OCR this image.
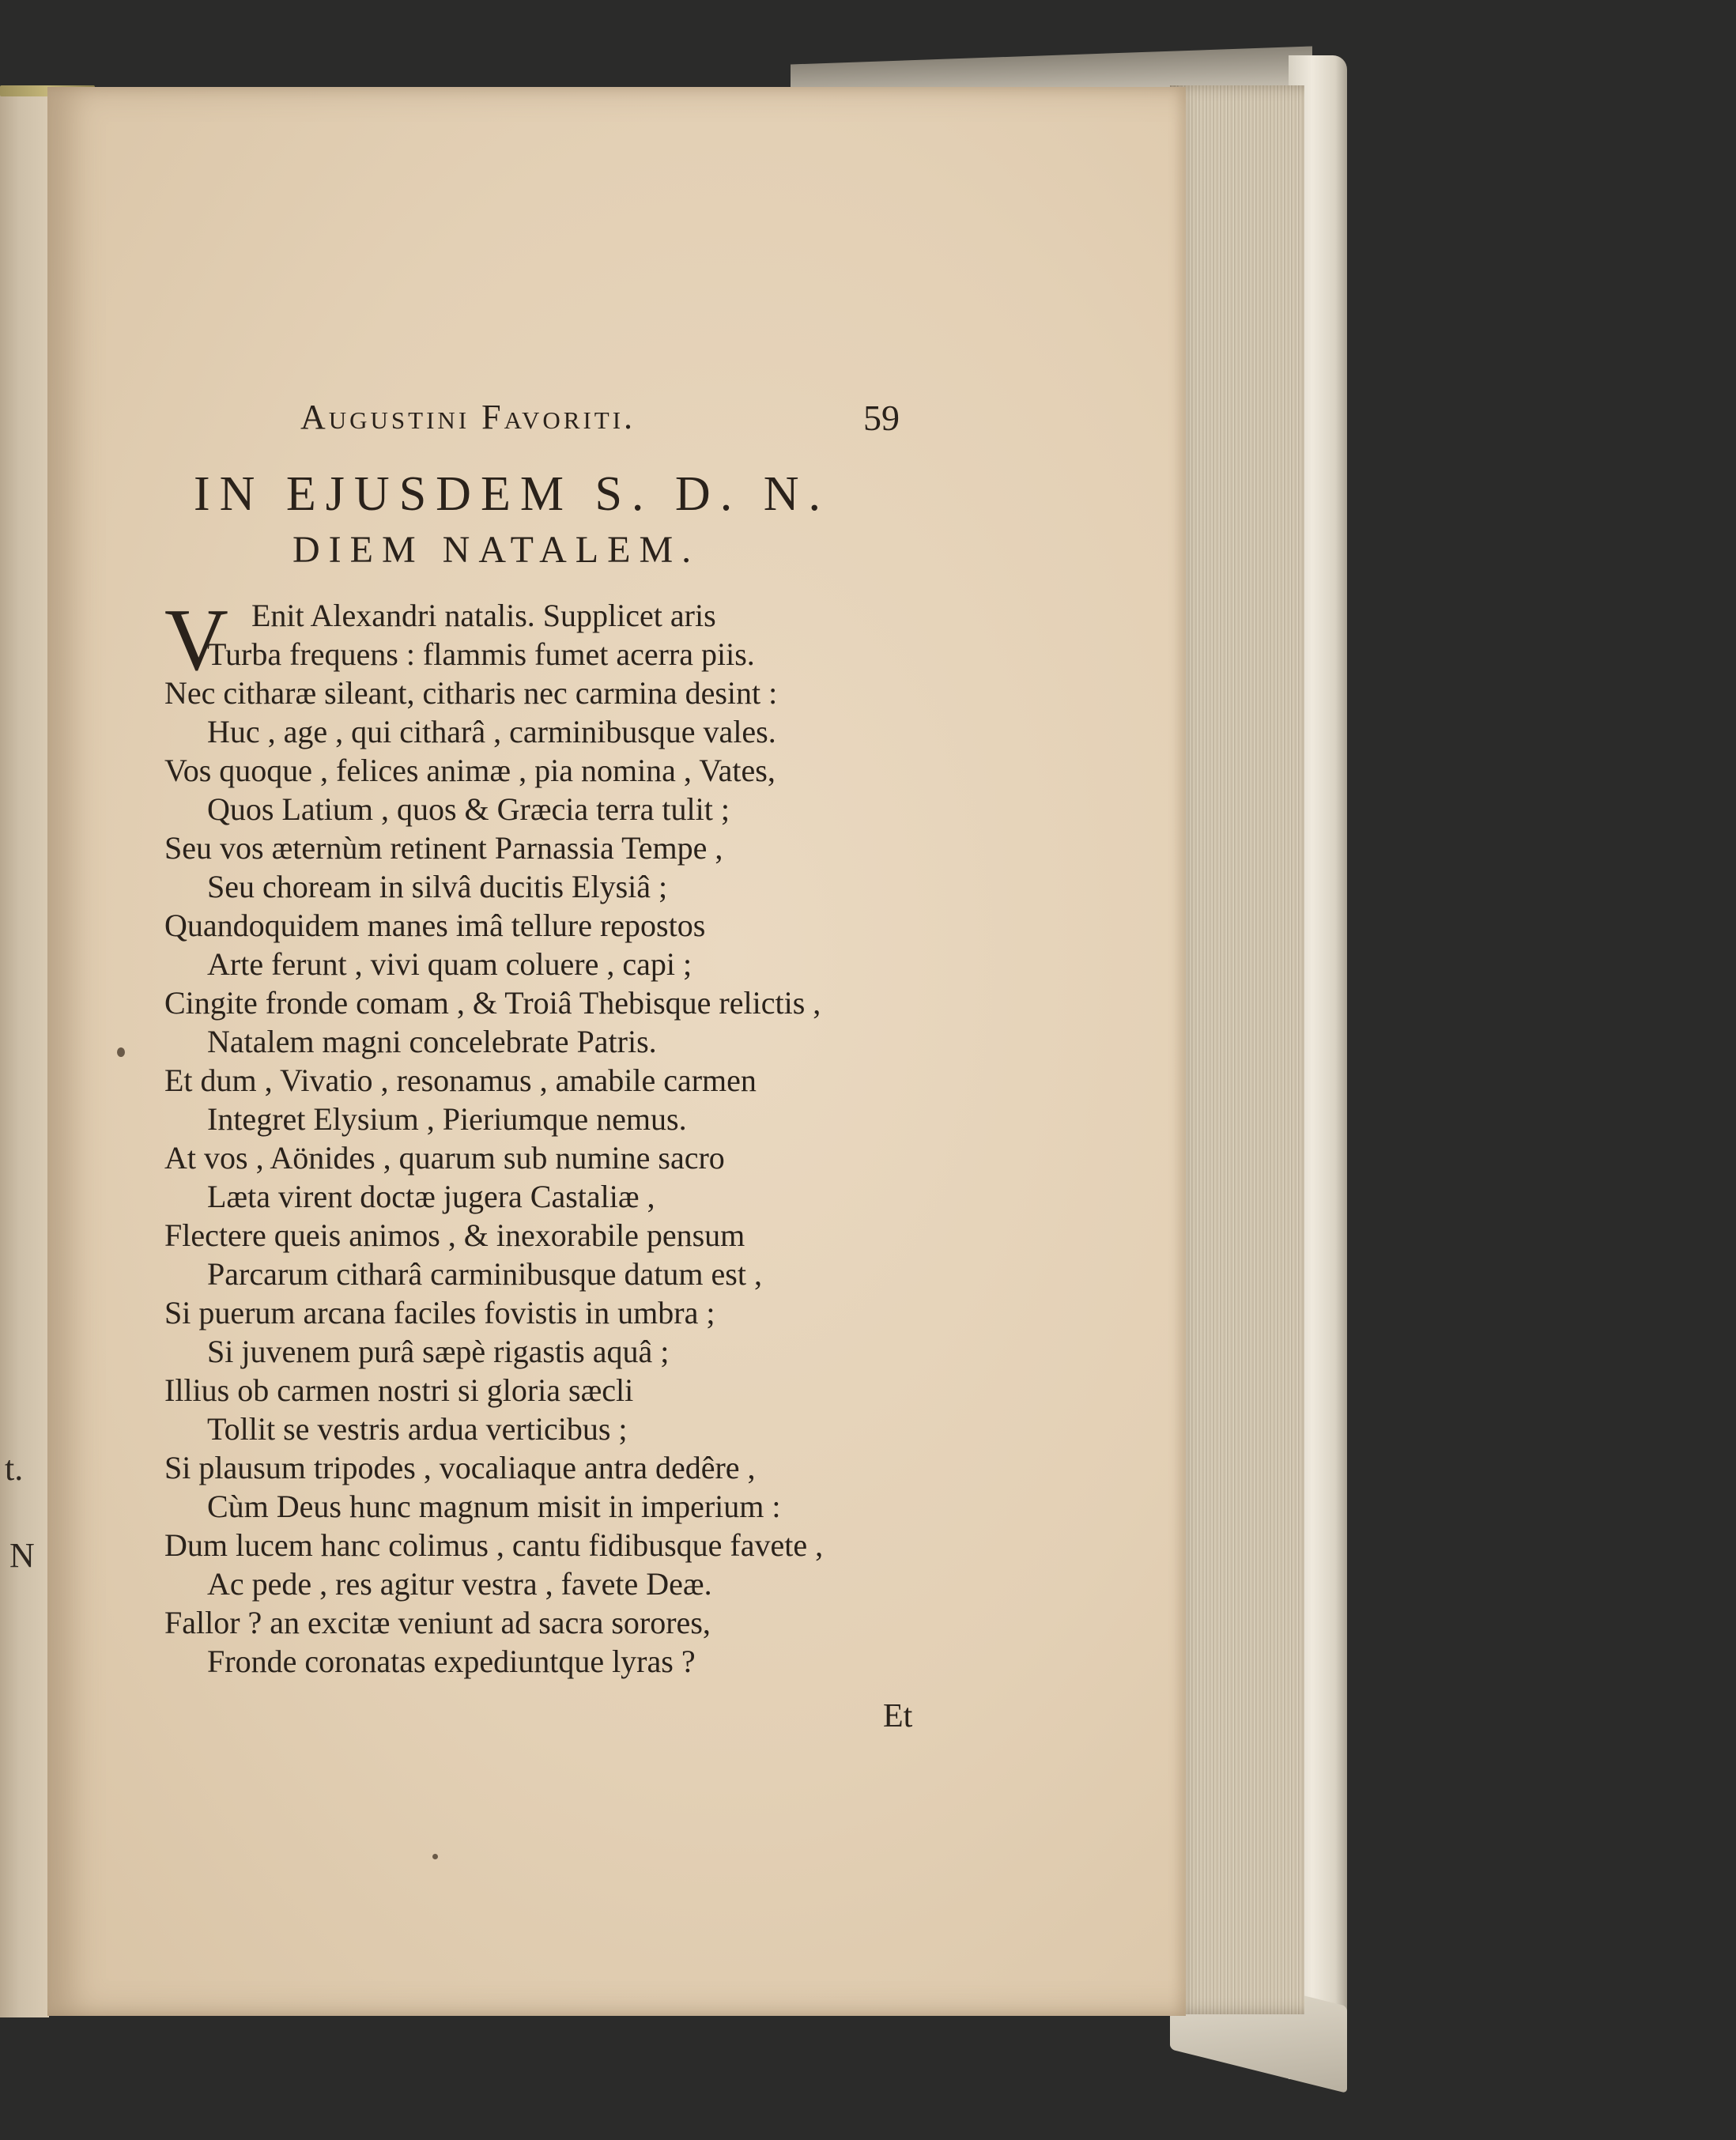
t.
N
Augustini Favoriti.	59
IN EJUSDEM S. D. N.
DIEM NATALEM.
V Enit Alexandri natalis. Supplicet aris
Turba frequens : flammis fumet acerra piis.
Nec citharæ sileant, citharis nec carmina desint :
Huc , age , qui citharâ , carminibusque vales.
Vos quoque , felices animæ , pia nomina , Vates,
Quos Latium , quos & Græcia terra tulit ;
Seu vos æternùm retinent Parnassia Tempe ,
Seu choream in silvâ ducitis Elysiâ ;
Quandoquidem manes imâ tellure repostos
Arte ferunt , vivi quam coluere , capi ;
Cingite fronde comam , & Troiâ Thebisque relictis ,
Natalem magni concelebrate Patris.
Et dum , Vivatio , resonamus , amabile carmen
Integret Elysium , Pieriumque nemus.
At vos , Aönides , quarum sub numine sacro
Læta virent doctæ jugera Castaliæ ,
Flectere queis animos , & inexorabile pensum
Parcarum citharâ carminibusque datum est ,
Si puerum arcana faciles fovistis in umbra ;
Si juvenem purâ sæpè rigastis aquâ ;
Illius ob carmen nostri si gloria sæcli
Tollit se vestris ardua verticibus ;
Si plausum tripodes , vocaliaque antra dedêre ,
Cùm Deus hunc magnum misit in imperium :
Dum lucem hanc colimus , cantu fidibusque favete ,
Ac pede , res agitur vestra , favete Deæ.
Fallor ? an excitæ veniunt ad sacra sorores,
Fronde coronatas expediuntque lyras ?
Et
